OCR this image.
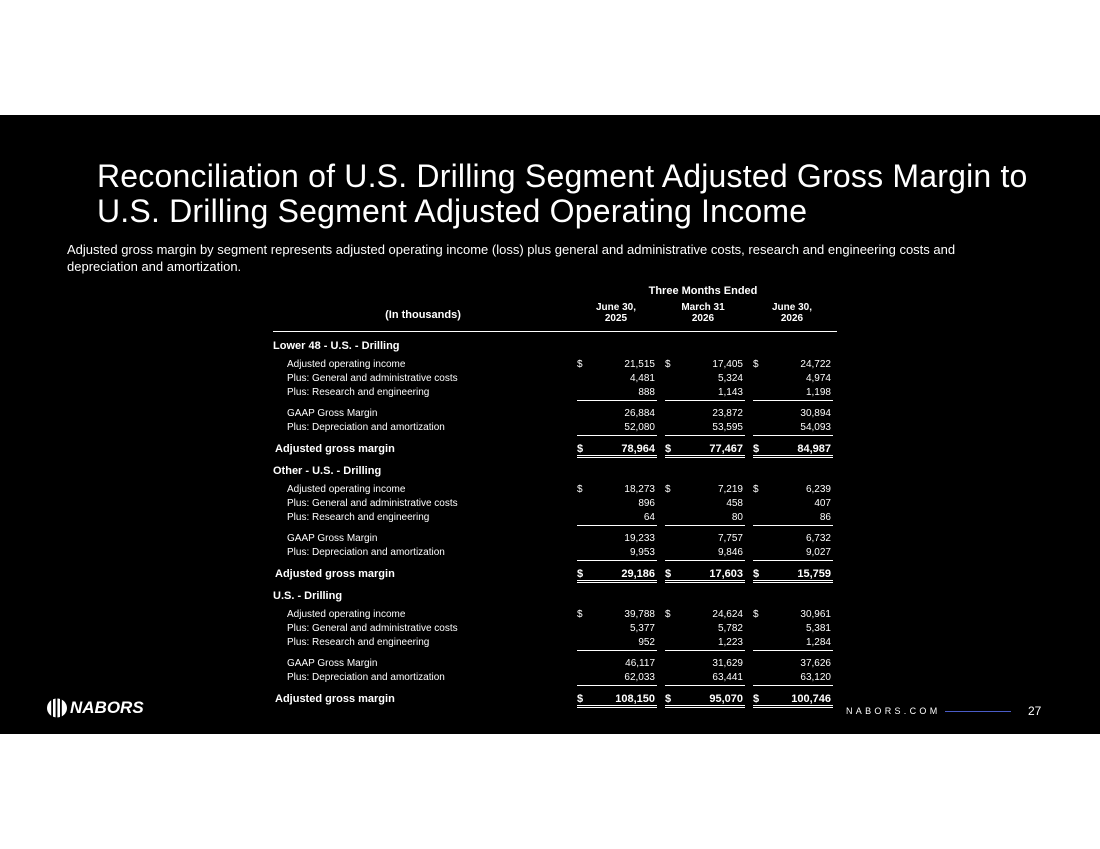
Reconciliation of U.S. Drilling Segment Adjusted Gross Margin to U.S. Drilling Segment Adjusted Operating Income
Adjusted gross margin by segment represents adjusted operating income (loss) plus general and administrative costs, research and engineering costs and depreciation and amortization.
Three Months Ended
(In thousands)
June 30,
2025
March 31
2026
June 30,
2026
Lower 48 - U.S. - Drilling
Adjusted operating income	$	21,515 $	17,405 $	24,722
Plus: General and administrative costs	4,481	5,324	4,974
Plus: Research and engineering	888	1,143	1,198
GAAP Gross Margin	26,884	23,872	30,894
Plus: Depreciation and amortization	52,080	53,595	54,093
Adjusted gross margin	$	78,964 $	77,467 $	84,987
Other - U.S. - Drilling
Adjusted operating income	$	18,273 $	7,219 $	6,239
Plus: General and administrative costs	896	458	407
Plus: Research and engineering	64	80	86
GAAP Gross Margin	19,233	7,757	6,732
Plus: Depreciation and amortization	9,953	9,846	9,027
Adjusted gross margin	$	29,186 $	17,603 $	15,759
U.S. - Drilling
Adjusted operating income	$	39,788 $	24,624 $	30,961
Plus: General and administrative costs	5,377	5,782	5,381
Plus: Research and engineering	952	1,223	1,284
GAAP Gross Margin	46,117	31,629	37,626
Plus: Depreciation and amortization	62,033	63,441	63,120
Adjusted gross margin	$	108,150 $	95,070 $	100,746
NABORS	NABORS.COM	27
